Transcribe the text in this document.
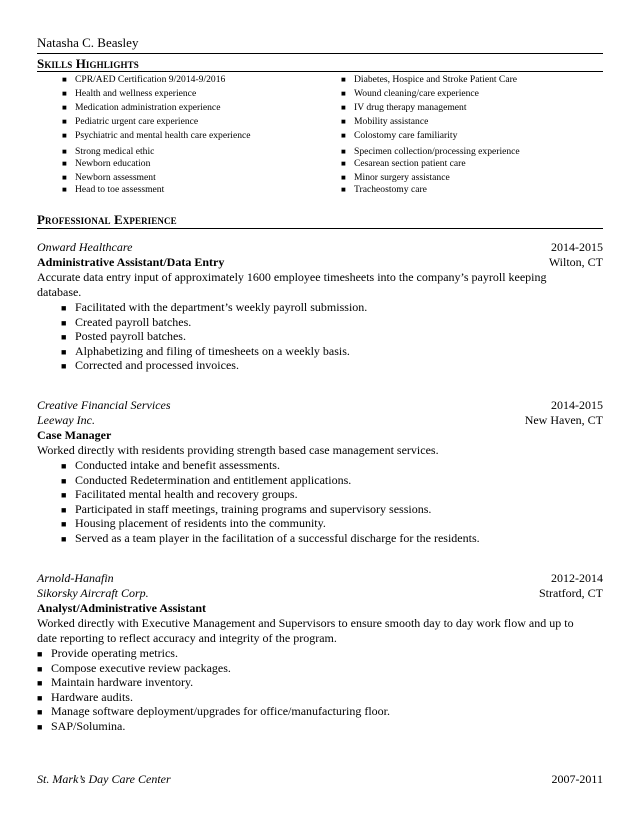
Natasha C. Beasley
Skills Highlights
■ CPR/AED Certification 9/2014-9/2016
■ Health and wellness experience
■ Medication administration experience
■ Pediatric urgent care experience
■ Psychiatric and mental health care experience
■ Strong medical ethic
■ Newborn education
■ Newborn assessment
■ Head to toe assessment
■ Diabetes, Hospice and Stroke Patient Care
■ Wound cleaning/care experience
■ IV drug therapy management
■ Mobility assistance
■ Colostomy care familiarity
■ Specimen collection/processing experience
■ Cesarean section patient care
■ Minor surgery assistance
■ Tracheostomy care
Professional Experience
Onward Healthcare	2014-2015
Administrative Assistant/Data Entry	Wilton, CT
Accurate data entry input of approximately 1600 employee timesheets into the company’s payroll keeping
database.
■ Facilitated with the department’s weekly payroll submission.
■ Created payroll batches.
■ Posted payroll batches.
■ Alphabetizing and filing of timesheets on a weekly basis.
■ Corrected and processed invoices.
Creative Financial Services	2014-2015
Leeway Inc.	New Haven, CT
Case Manager
Worked directly with residents providing strength based case management services.
■ Conducted intake and benefit assessments.
■ Conducted Redetermination and entitlement applications.
■ Facilitated mental health and recovery groups.
■ Participated in staff meetings, training programs and supervisory sessions.
■ Housing placement of residents into the community.
■ Served as a team player in the facilitation of a successful discharge for the residents.
Arnold-Hanafin	2012-2014
Sikorsky Aircraft Corp.	Stratford, CT
Analyst/Administrative Assistant
Worked directly with Executive Management and Supervisors to ensure smooth day to day work flow and up to
date reporting to reflect accuracy and integrity of the program.
■ Provide operating metrics.
■ Compose executive review packages.
■ Maintain hardware inventory.
■ Hardware audits.
■ Manage software deployment/upgrades for office/manufacturing floor.
■ SAP/Solumina.
St. Mark’s Day Care Center	2007-2011
